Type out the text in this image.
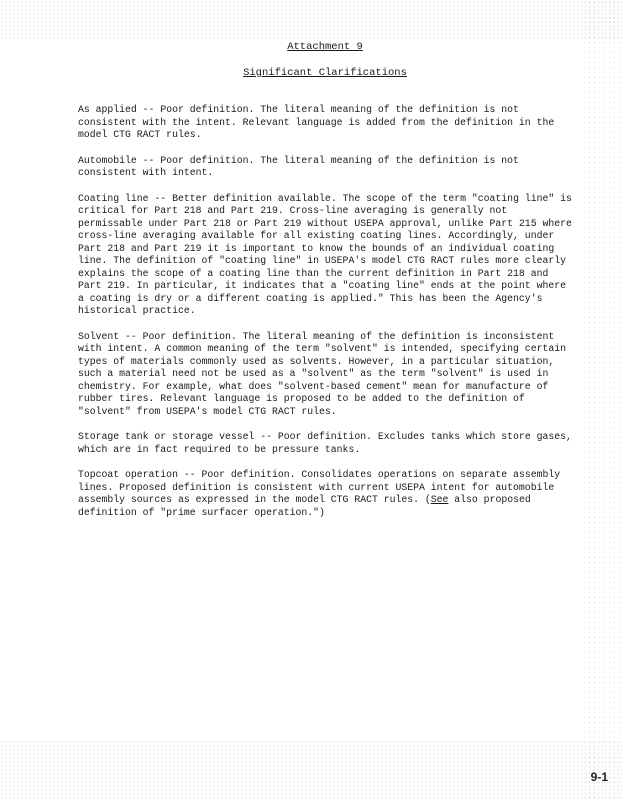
Attachment 9

Significant Clarifications

As applied -- Poor definition. The literal meaning of the definition is not consistent with the intent. Relevant language is added from the definition in the model CTG RACT rules.

Automobile -- Poor definition. The literal meaning of the definition is not consistent with intent.

Coating line -- Better definition available. The scope of the term "coating line" is critical for Part 218 and Part 219. Cross-line averaging is generally not permissable under Part 218 or Part 219 without USEPA approval, unlike Part 215 where cross-line averaging available for all existing coating lines. Accordingly, under Part 218 and Part 219 it is important to know the bounds of an individual coating line. The definition of "coating line" in USEPA's model CTG RACT rules more clearly explains the scope of a coating line than the current definition in Part 218 and Part 219. In particular, it indicates that a "coating line" ends at the point where a coating is dry or a different coating is applied." This has been the Agency's historical practice.

Solvent -- Poor definition. The literal meaning of the definition is inconsistent with intent. A common meaning of the term "solvent" is intended, specifying certain types of materials commonly used as solvents. However, in a particular situation, such a material need not be used as a "solvent" as the term "solvent" is used in chemistry. For example, what does "solvent-based cement" mean for manufacture of rubber tires. Relevant language is proposed to be added to the definition of "solvent" from USEPA's model CTG RACT rules.

Storage tank or storage vessel -- Poor definition. Excludes tanks which store gases, which are in fact required to be pressure tanks.

Topcoat operation -- Poor definition. Consolidates operations on separate assembly lines. Proposed definition is consistent with current USEPA intent for automobile assembly sources as expressed in the model CTG RACT rules. (See also proposed definition of "prime surfacer operation.")

9-1
